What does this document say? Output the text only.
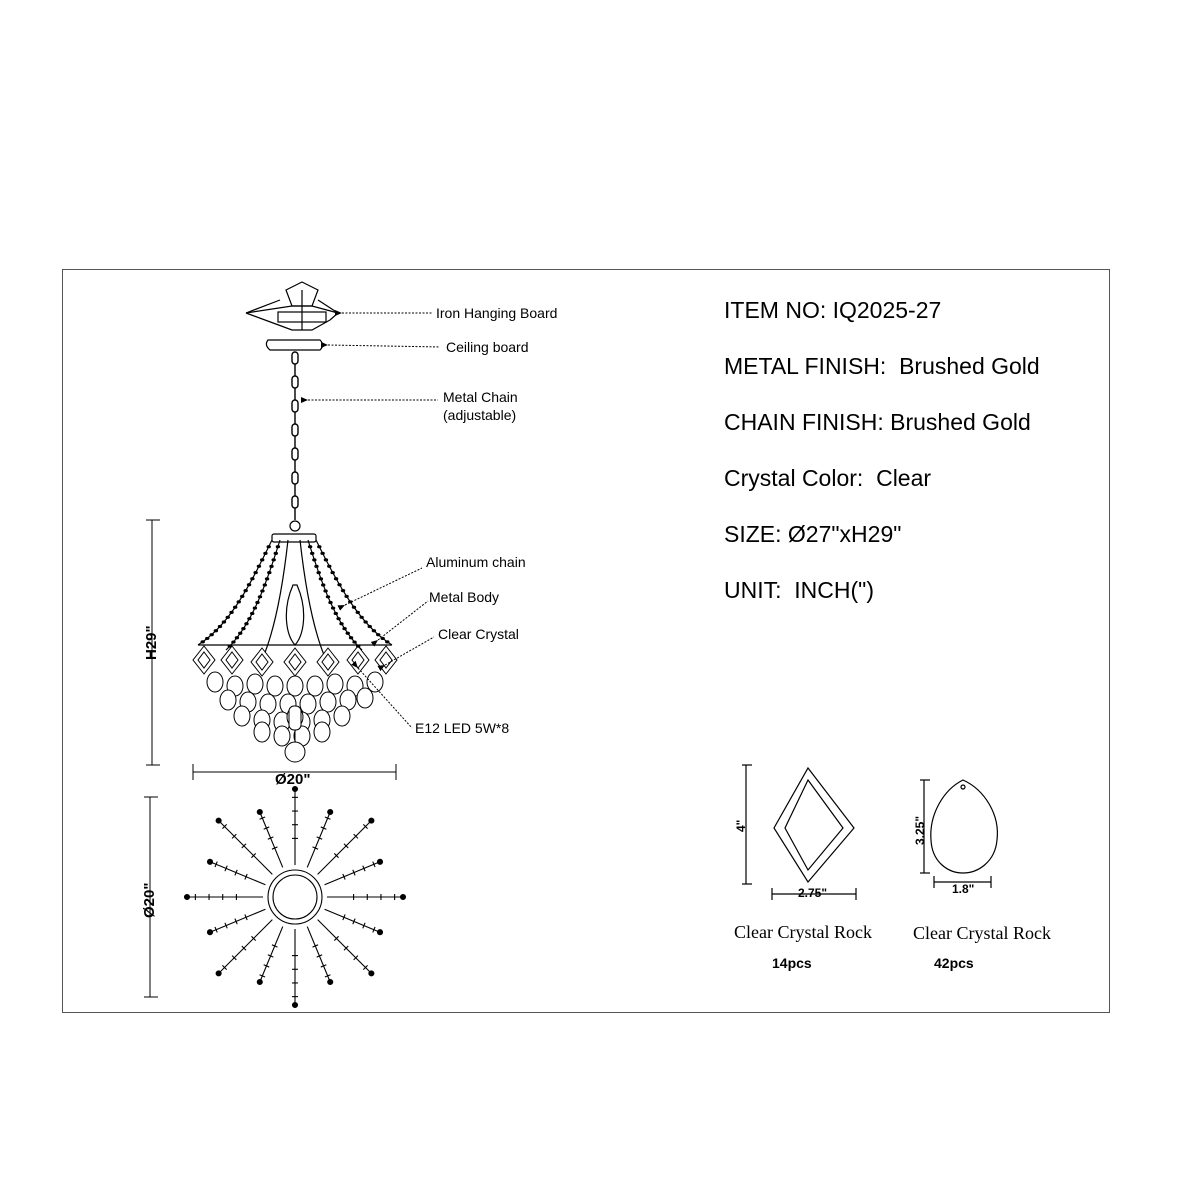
H29"
Ø20"
Ø20"
4"
2.75"
3.25"
1.8"
ITEM NO: IQ2025-27
METAL FINISH:  Brushed Gold
CHAIN FINISH: Brushed Gold
Crystal Color:  Clear
SIZE: Ø27"xH29"
UNIT:  INCH(")
Iron Hanging Board
Ceiling board
Metal Chain
(adjustable)
Aluminum chain
Metal Body
Clear Crystal
E12 LED 5W*8
Clear Crystal Rock
14pcs
Clear Crystal Rock
42pcs
